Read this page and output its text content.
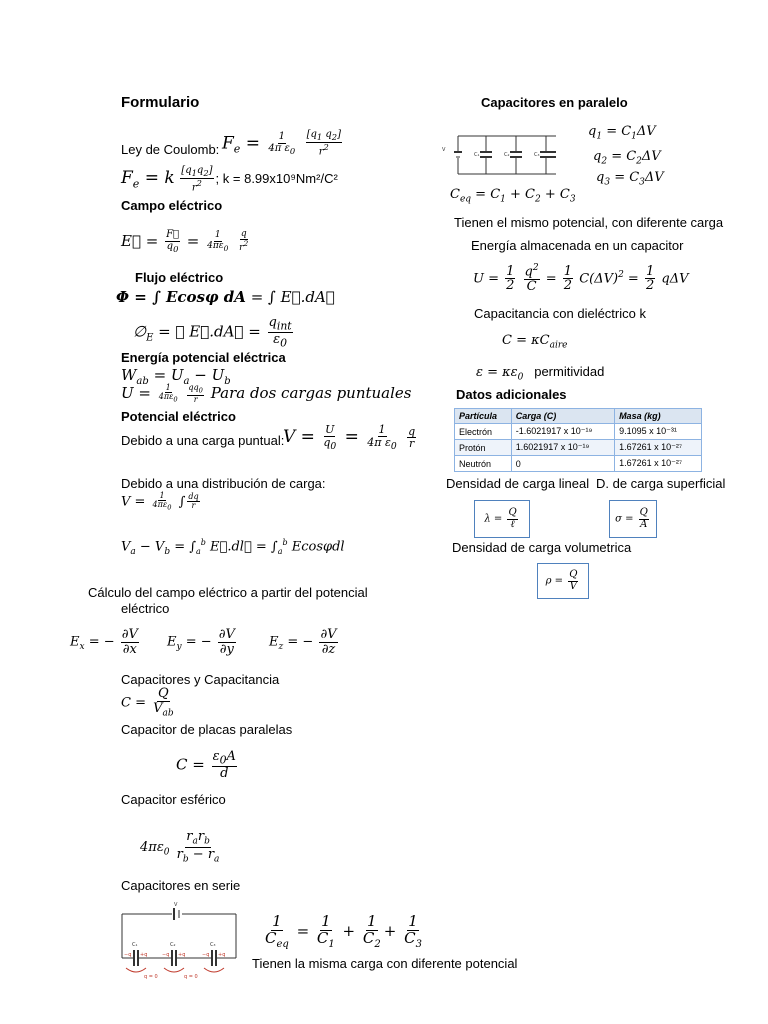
Formulario
Ley de Coulomb: $F_e = \frac{1}{4\pi \varepsilon_0}$
$\frac{[q_1 q_2]}{r^2}$
$F_e = k \frac{[q_1q_2]}{r^2}$ ; k = 8.99x10⁹Nm²/C²
Campo eléctrico
E⃗ = $\frac{F⃗}{q_0} = \frac{1}{4\pi\varepsilon_0}$
$\frac{q}{r^2}$
Flujo eléctrico
Φ = ∫ Ecosφ dA = ∫ E⃗.dA⃗
$\emptyset_E$ = ∮ E⃗.dA⃗ = $\frac{q_{int}}{\varepsilon_0}$
Energía potencial eléctrica
$W_{ab} = U_a - U_b$
$U = \frac{1}{4\pi\varepsilon_0}$
$\frac{qq_0}{r}$ Para dos cargas puntuales
Potencial eléctrico
Debido a una carga puntual:
$V = \frac{U}{q_0} = \frac{1}{4\pi \varepsilon_0}$
$\frac{q}{r}$
Debido a una distribución de carga:
$V = \frac{1}{4\pi\varepsilon_0}$ ∫ $\frac{dq}{r}$
$V_a - V_b = \int_a^b$ E⃗.dl⃗ = $\int_a^b$ Ecosφdl
Cálculo del campo eléctrico a partir del potencial
eléctrico
$E_x$ = − $\frac{\partial V}{\partial x} E_y$ = − $\frac{\partial V}{\partial y}$	$E_z$ = − $\frac{\partial V}{\partial z}$
Capacitores y Capacitancia
$C = \frac{Q}{V_{ab}}$
Capacitor de placas paralelas
$C = \frac{\varepsilon_0A}{d}$
Capacitor esférico
$4\pi\varepsilon_0 \frac{r_ar_b}{r_b - r_a}$
Capacitores en serie
V
C₁	C₂	C₃
−q +q	−q +q	−q +q
q = 0	q = 0
$\frac{1}{C_{eq}} = \frac{1}{C_1} + \frac{1}{C_2} + \frac{1}{C_3}$
Tienen la misma carga con diferente potencial
Capacitores en paralelo
V
C₁	C₂	C₃
$q_1 = C_1\Delta V$
$q_2 = C_2\Delta V$
$q_3 = C_3\Delta V$
$C_{eq} = C_1 + C_2 + C_3$
Tienen el mismo potencial, con diferente carga
Energía almacenada en un capacitor
$U = \frac{1}{2}$
$\frac{q^2}{C} = \frac{1}{2} C(\Delta V)^2 = \frac{1}{2}$ qΔV
Capacitancia con dieléctrico k
$C = \kappa C_{aire}$
$\varepsilon = \kappa\varepsilon_0$ permitividad
Datos adicionales
Partícula	Carga (C)	Masa (kg)
Electrón	-1.6021917 x 10⁻¹⁹	9.1095 x 10⁻³¹
Protón	1.6021917 x 10⁻¹⁹	1.67261 x 10⁻²⁷
Neutrón	0	1.67261 x 10⁻²⁷
Densidad de carga lineal D. de carga superficial
$\lambda = \frac{Q}{\text{ℓ}}$	$\sigma = \frac{Q}{A}$
Densidad de carga volumetrica
$\rho = \frac{Q}{V}$
